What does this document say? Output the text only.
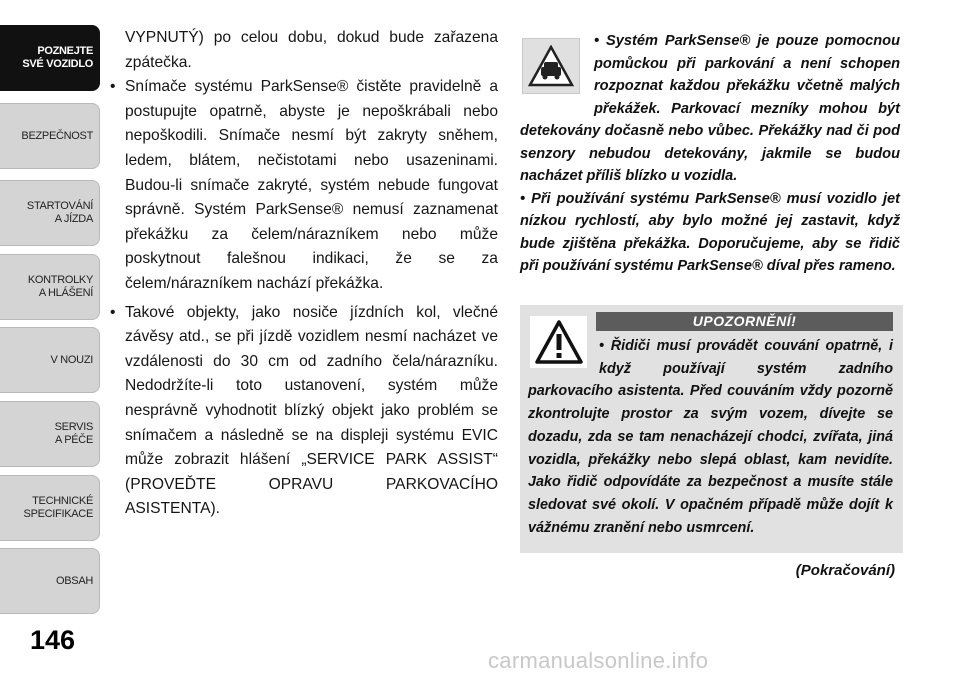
POZNEJTE
SVÉ VOZIDLO
BEZPEČNOST
STARTOVÁNÍ
A JÍZDA
KONTROLKY
A HLÁŠENÍ
V NOUZI
SERVIS
A PÉČE
TECHNICKÉ
SPECIFIKACE
OBSAH
146

VYPNUTÝ) po celou dobu, dokud bude zařazena zpátečka.

• Snímače systému ParkSense® čistěte pravidelně a postupujte opatrně, abyste je nepoškrábali nebo nepoškodili. Snímače nesmí být zakryty sněhem, ledem, blátem, nečistotami nebo usazeninami. Budou-li snímače zakryté, systém nebude fungovat správně. Systém ParkSense® nemusí zaznamenat překážku za čelem/nárazníkem nebo může poskytnout falešnou indikaci, že se za čelem/nárazníkem nachází překážka.
• Takové objekty, jako nosiče jízdních kol, vlečné závěsy atd., se při jízdě vozidlem nesmí nacházet ve vzdálenosti do 30 cm od zadního čela/nárazníku. Nedodržíte-li toto ustanovení, systém může nesprávně vyhodnotit blízký objekt jako problém se snímačem a následně se na displeji systému EVIC může zobrazit hlášení „SERVICE PARK ASSIST“ (PROVEĎTE OPRAVU PARKOVACÍHO ASISTENTA).

• Systém ParkSense® je pouze pomocnou pomůckou při parkování a není schopen rozpoznat každou překážku včetně malých překážek. Parkovací mezníky mohou být detekovány dočasně nebo vůbec. Překážky nad či pod senzory nebudou detekovány, jakmile se budou nacházet příliš blízko u vozidla.

• Při používání systému ParkSense® musí vozidlo jet nízkou rychlostí, aby bylo možné jej zastavit, když bude zjištěna překážka. Doporučujeme, aby se řidič při používání systému ParkSense® díval přes rameno.

UPOZORNĚNÍ!

• Řidiči musí provádět couvání opatrně, i když používají systém zadního parkovacího asistenta. Před couváním vždy pozorně zkontrolujte prostor za svým vozem, dívejte se dozadu, zda se tam nenacházejí chodci, zvířata, jiná vozidla, překážky nebo slepá oblast, kam nevidíte. Jako řidič odpovídáte za bezpečnost a musíte stále sledovat své okolí. V opačném případě může dojít k vážnému zranění nebo usmrcení.

(Pokračování)
carmanualsonline.info
